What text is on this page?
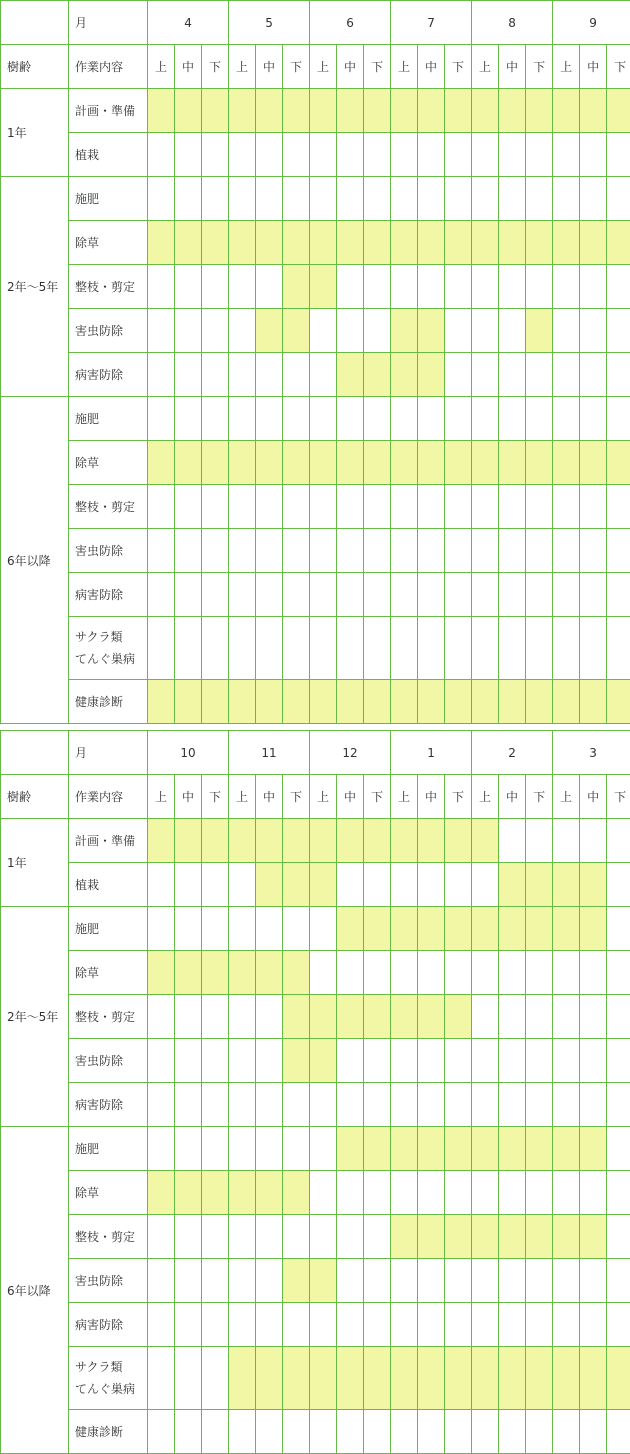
	月	4			5			6			7			8			9		
樹齢	作業内容	上	中	下	上	中	下	上	中	下	上	中	下	上	中	下	上	中	下
1年	計画・準備																		

	植栽																		

2年～5年	施肥																		

	除草																		

	整枝・剪定																		

	害虫防除																		

	病害防除																		

6年以降	施肥																		

	除草																		

	整枝・剪定																		

	害虫防除																		

	病害防除																		

	サクラ類
てんぐ巣病																		

	健康診断																		

	月	10			11			12			1			2			3		
樹齢	作業内容	上	中	下	上	中	下	上	中	下	上	中	下	上	中	下	上	中	下
1年	計画・準備																		

	植栽																		

2年～5年	施肥																		

	除草																		

	整枝・剪定																		

	害虫防除																		

	病害防除																		

6年以降	施肥																		

	除草																		

	整枝・剪定																		

	害虫防除																		

	病害防除																		

	サクラ類
てんぐ巣病																		

	健康診断																		
